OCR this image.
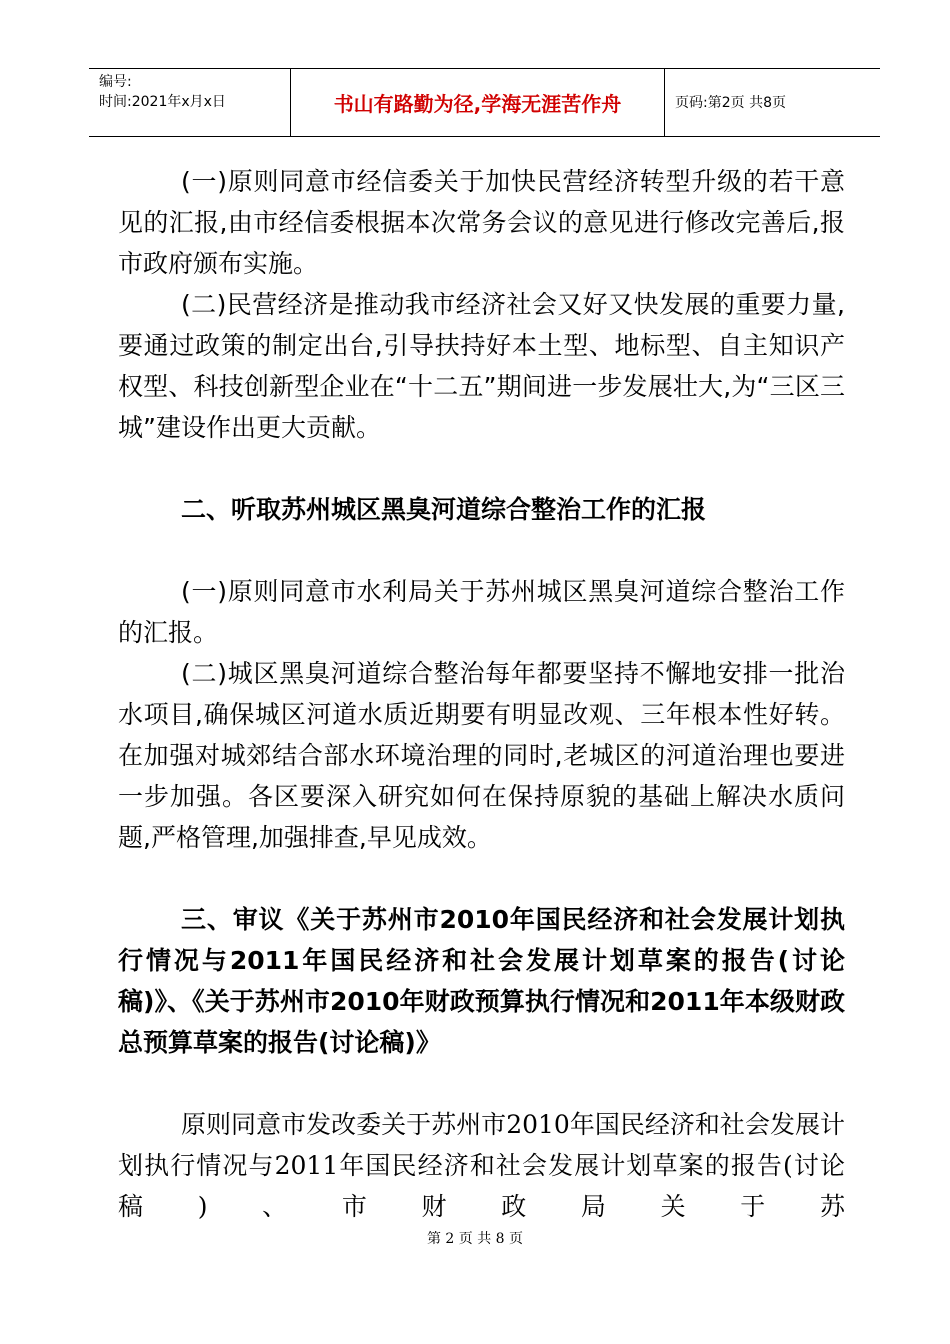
编号:
时间:2021年x月x日	书山有路勤为径,学海无涯苦作舟	页码:第2页 共8页

(一)原则同意市经信委关于加快民营经济转型升级的若干意见的汇报,由市经信委根据本次常务会议的意见进行修改完善后,报市政府颁布实施。

(二)民营经济是推动我市经济社会又好又快发展的重要力量,要通过政策的制定出台,引导扶持好本土型、地标型、自主知识产权型、科技创新型企业在“十二五”期间进一步发展壮大,为“三区三城”建设作出更大贡献。

二、听取苏州城区黑臭河道综合整治工作的汇报

(一)原则同意市水利局关于苏州城区黑臭河道综合整治工作的汇报。

(二)城区黑臭河道综合整治每年都要坚持不懈地安排一批治水项目,确保城区河道水质近期要有明显改观、三年根本性好转。在加强对城郊结合部水环境治理的同时,老城区的河道治理也要进一步加强。各区要深入研究如何在保持原貌的基础上解决水质问题,严格管理,加强排查,早见成效。

三、审议《关于苏州市2010年国民经济和社会发展计划执行情况与2011年国民经济和社会发展计划草案的报告(讨论稿)》、《关于苏州市2010年财政预算执行情况和2011年本级财政总预算草案的报告(讨论稿)》

原则同意市发改委关于苏州市2010年国民经济和社会发展计划执行情况与2011年国民经济和社会发展计划草案的报告(讨论稿)、市财政局关于苏

第 2 页 共 8 页
